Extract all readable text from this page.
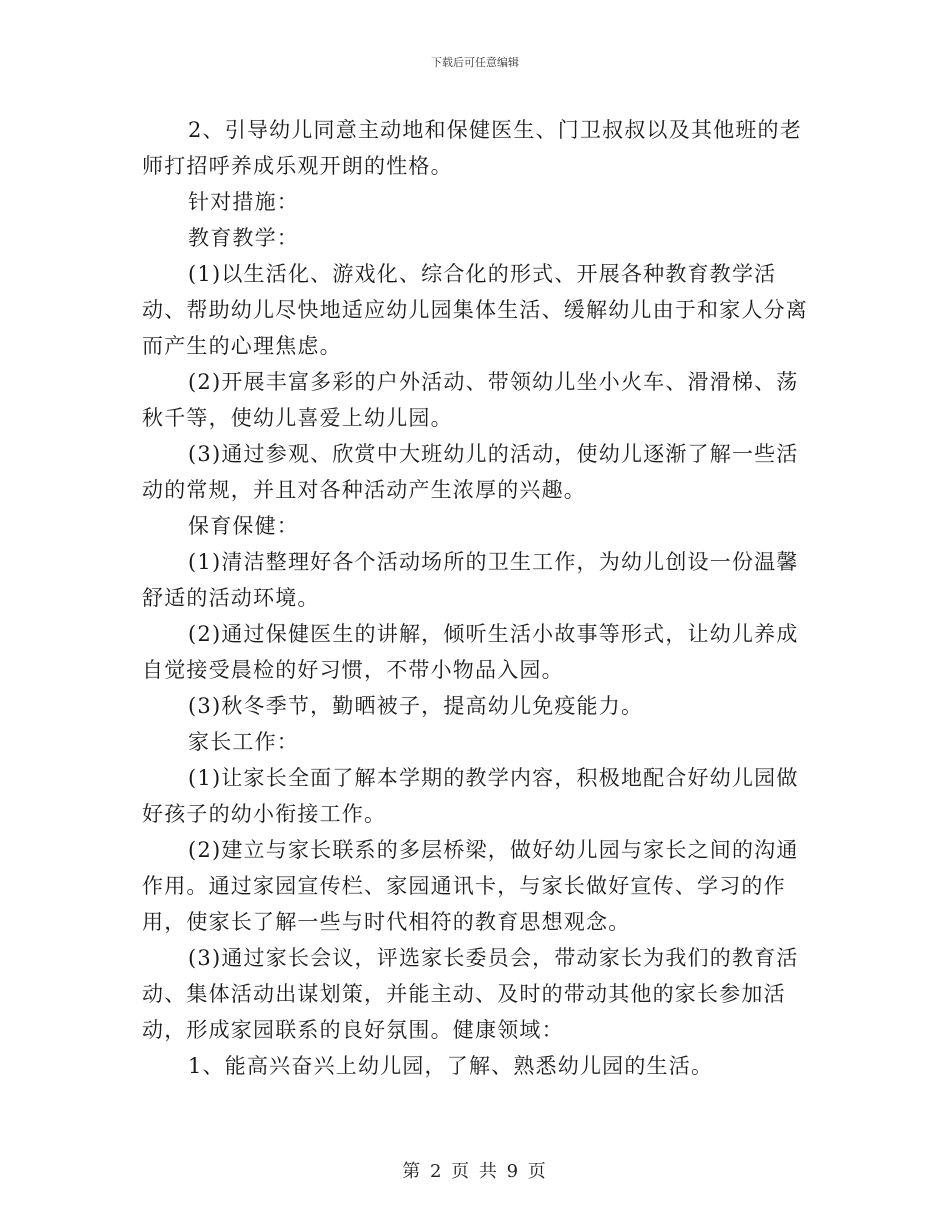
下载后可任意编辑

2、引导幼儿同意主动地和保健医生、门卫叔叔以及其他班的老师打招呼养成乐观开朗的性格。

针对措施：

教育教学：

(1)以生活化、游戏化、综合化的形式、开展各种教育教学活动、帮助幼儿尽快地适应幼儿园集体生活、缓解幼儿由于和家人分离而产生的心理焦虑。

(2)开展丰富多彩的户外活动、带领幼儿坐小火车、滑滑梯、荡秋千等，使幼儿喜爱上幼儿园。

(3)通过参观、欣赏中大班幼儿的活动，使幼儿逐渐了解一些活动的常规，并且对各种活动产生浓厚的兴趣。

保育保健：

(1)清洁整理好各个活动场所的卫生工作，为幼儿创设一份温馨舒适的活动环境。

(2)通过保健医生的讲解，倾听生活小故事等形式，让幼儿养成自觉接受晨检的好习惯，不带小物品入园。

(3)秋冬季节，勤晒被子，提高幼儿免疫能力。

家长工作：

(1)让家长全面了解本学期的教学内容，积极地配合好幼儿园做好孩子的幼小衔接工作。

(2)建立与家长联系的多层桥梁，做好幼儿园与家长之间的沟通作用。通过家园宣传栏、家园通讯卡，与家长做好宣传、学习的作用，使家长了解一些与时代相符的教育思想观念。

(3)通过家长会议，评选家长委员会，带动家长为我们的教育活动、集体活动出谋划策，并能主动、及时的带动其他的家长参加活动，形成家园联系的良好氛围。健康领域：

1、能高兴奋兴上幼儿园，了解、熟悉幼儿园的生活。

第 2 页 共 9 页
